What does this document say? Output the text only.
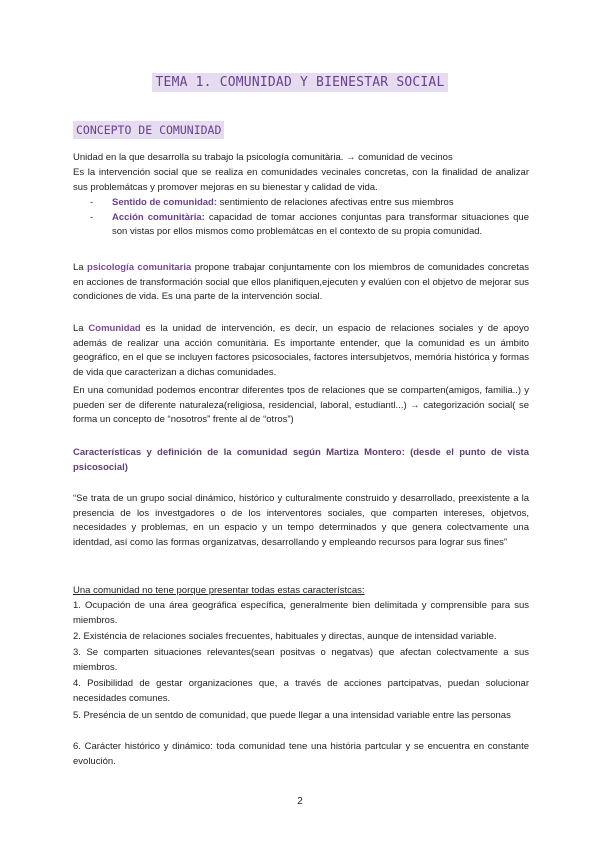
TEMA 1. COMUNIDAD Y BIENESTAR SOCIAL
CONCEPTO DE COMUNIDAD

Unidad en la que desarrolla su trabajo la psicología comunitària. → comunidad de vecinos

Es la intervención social que se realiza en comunidades vecinales concretas, con la finalidad de analizar sus problemátcas y promover mejoras en su bienestar y calidad de vida.

-	Sentido de comunidad: sentimiento de relaciones afectivas entre sus miembros
-	Acción comunitària: capacidad de tomar acciones conjuntas para transformar situaciones que son vistas por ellos mismos como problemátcas en el contexto de su propia comunidad.

La psicología comunitaria propone trabajar conjuntamente con los miembros de comunidades concretas en acciones de transformación social que ellos planifiquen,ejecuten y evalúen con el objetvo de mejorar sus condiciones de vida. Es una parte de la intervención social.

La Comunidad es la unidad de intervención, es decir, un espacio de relaciones sociales y de apoyo además de realizar una acción comunitària. Es importante entender, que la comunidad es un ámbito geográfico, en el que se incluyen factores psicosociales, factores intersubjetvos, memória histórica y formas de vida que caracterizan a dichas comunidades.

En una comunidad podemos encontrar diferentes tpos de relaciones que se comparten(amigos, familia..) y pueden ser de diferente naturaleza(religiosa, residencial, laboral, estudiantl...) → categorización social( se forma un concepto de “nosotros” frente al de “otros”)

Características y definición de la comunidad según Martiza Montero: (desde el punto de vista psicosocial)

“Se trata de un grupo social dinámico, histórico y culturalmente construido y desarrollado, preexistente a la presencia de los investgadores o de los interventores sociales, que comparten intereses, objetvos, necesidades y problemas, en un espacio y un tempo determinados y que genera colectvamente una identdad, así como las formas organizatvas, desarrollando y empleando recursos para lograr sus fines”

Una comunidad no tene porque presentar todas estas característcas:

1. Ocupación de una área geográfica específica, generalmente bien delimitada y comprensible para sus miembros.

2. Existéncia de relaciones sociales frecuentes, habituales y directas, aunque de intensidad variable.

3. Se comparten situaciones relevantes(sean positvas o negatvas) que afectan colectvamente a sus miembros.

4. Posibilidad de gestar organizaciones que, a través de acciones partcipatvas, puedan solucionar necesidades comunes.

5. Preséncia de un sentdo de comunidad, que puede llegar a una intensidad variable entre las personas

6. Carácter histórico y dinámico: toda comunidad tene una história partcular y se encuentra en constante evolución.

2
